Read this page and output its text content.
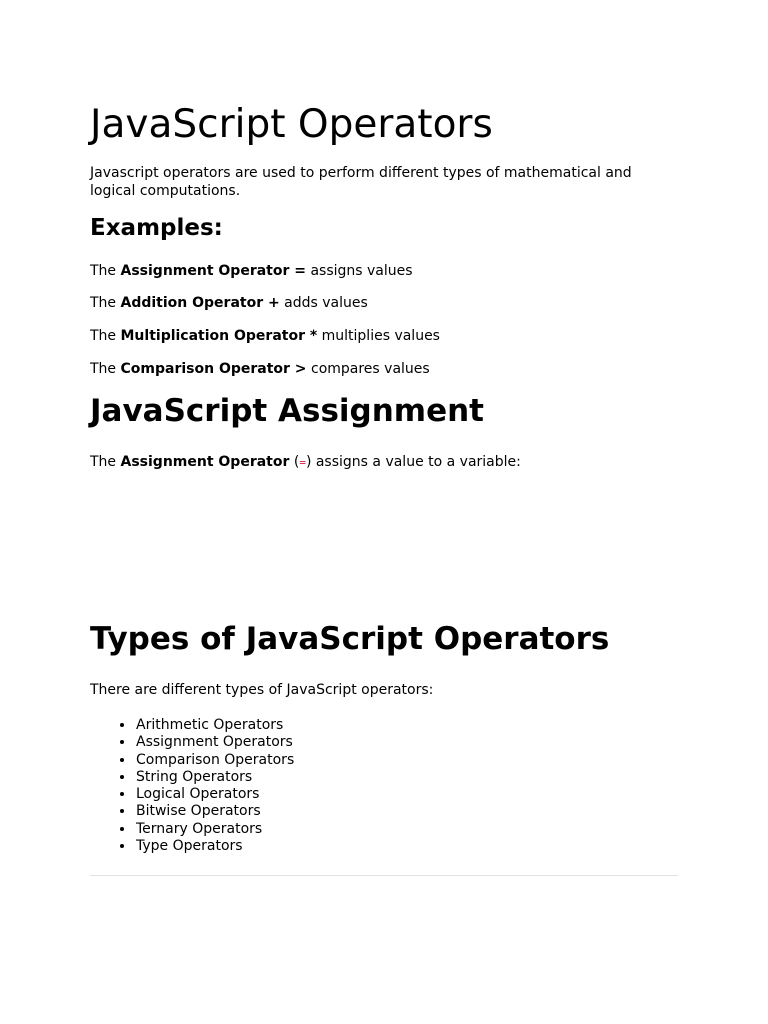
JavaScript Operators

Javascript operators are used to perform different types of mathematical and logical computations.

Examples:

The Assignment Operator = assigns values

The Addition Operator + adds values

The Multiplication Operator * multiplies values

The Comparison Operator > compares values

JavaScript Assignment

The Assignment Operator (=) assigns a value to a variable:

Types of JavaScript Operators

There are different types of JavaScript operators:

• Arithmetic Operators
• Assignment Operators
• Comparison Operators
• String Operators
• Logical Operators
• Bitwise Operators
• Ternary Operators
• Type Operators
